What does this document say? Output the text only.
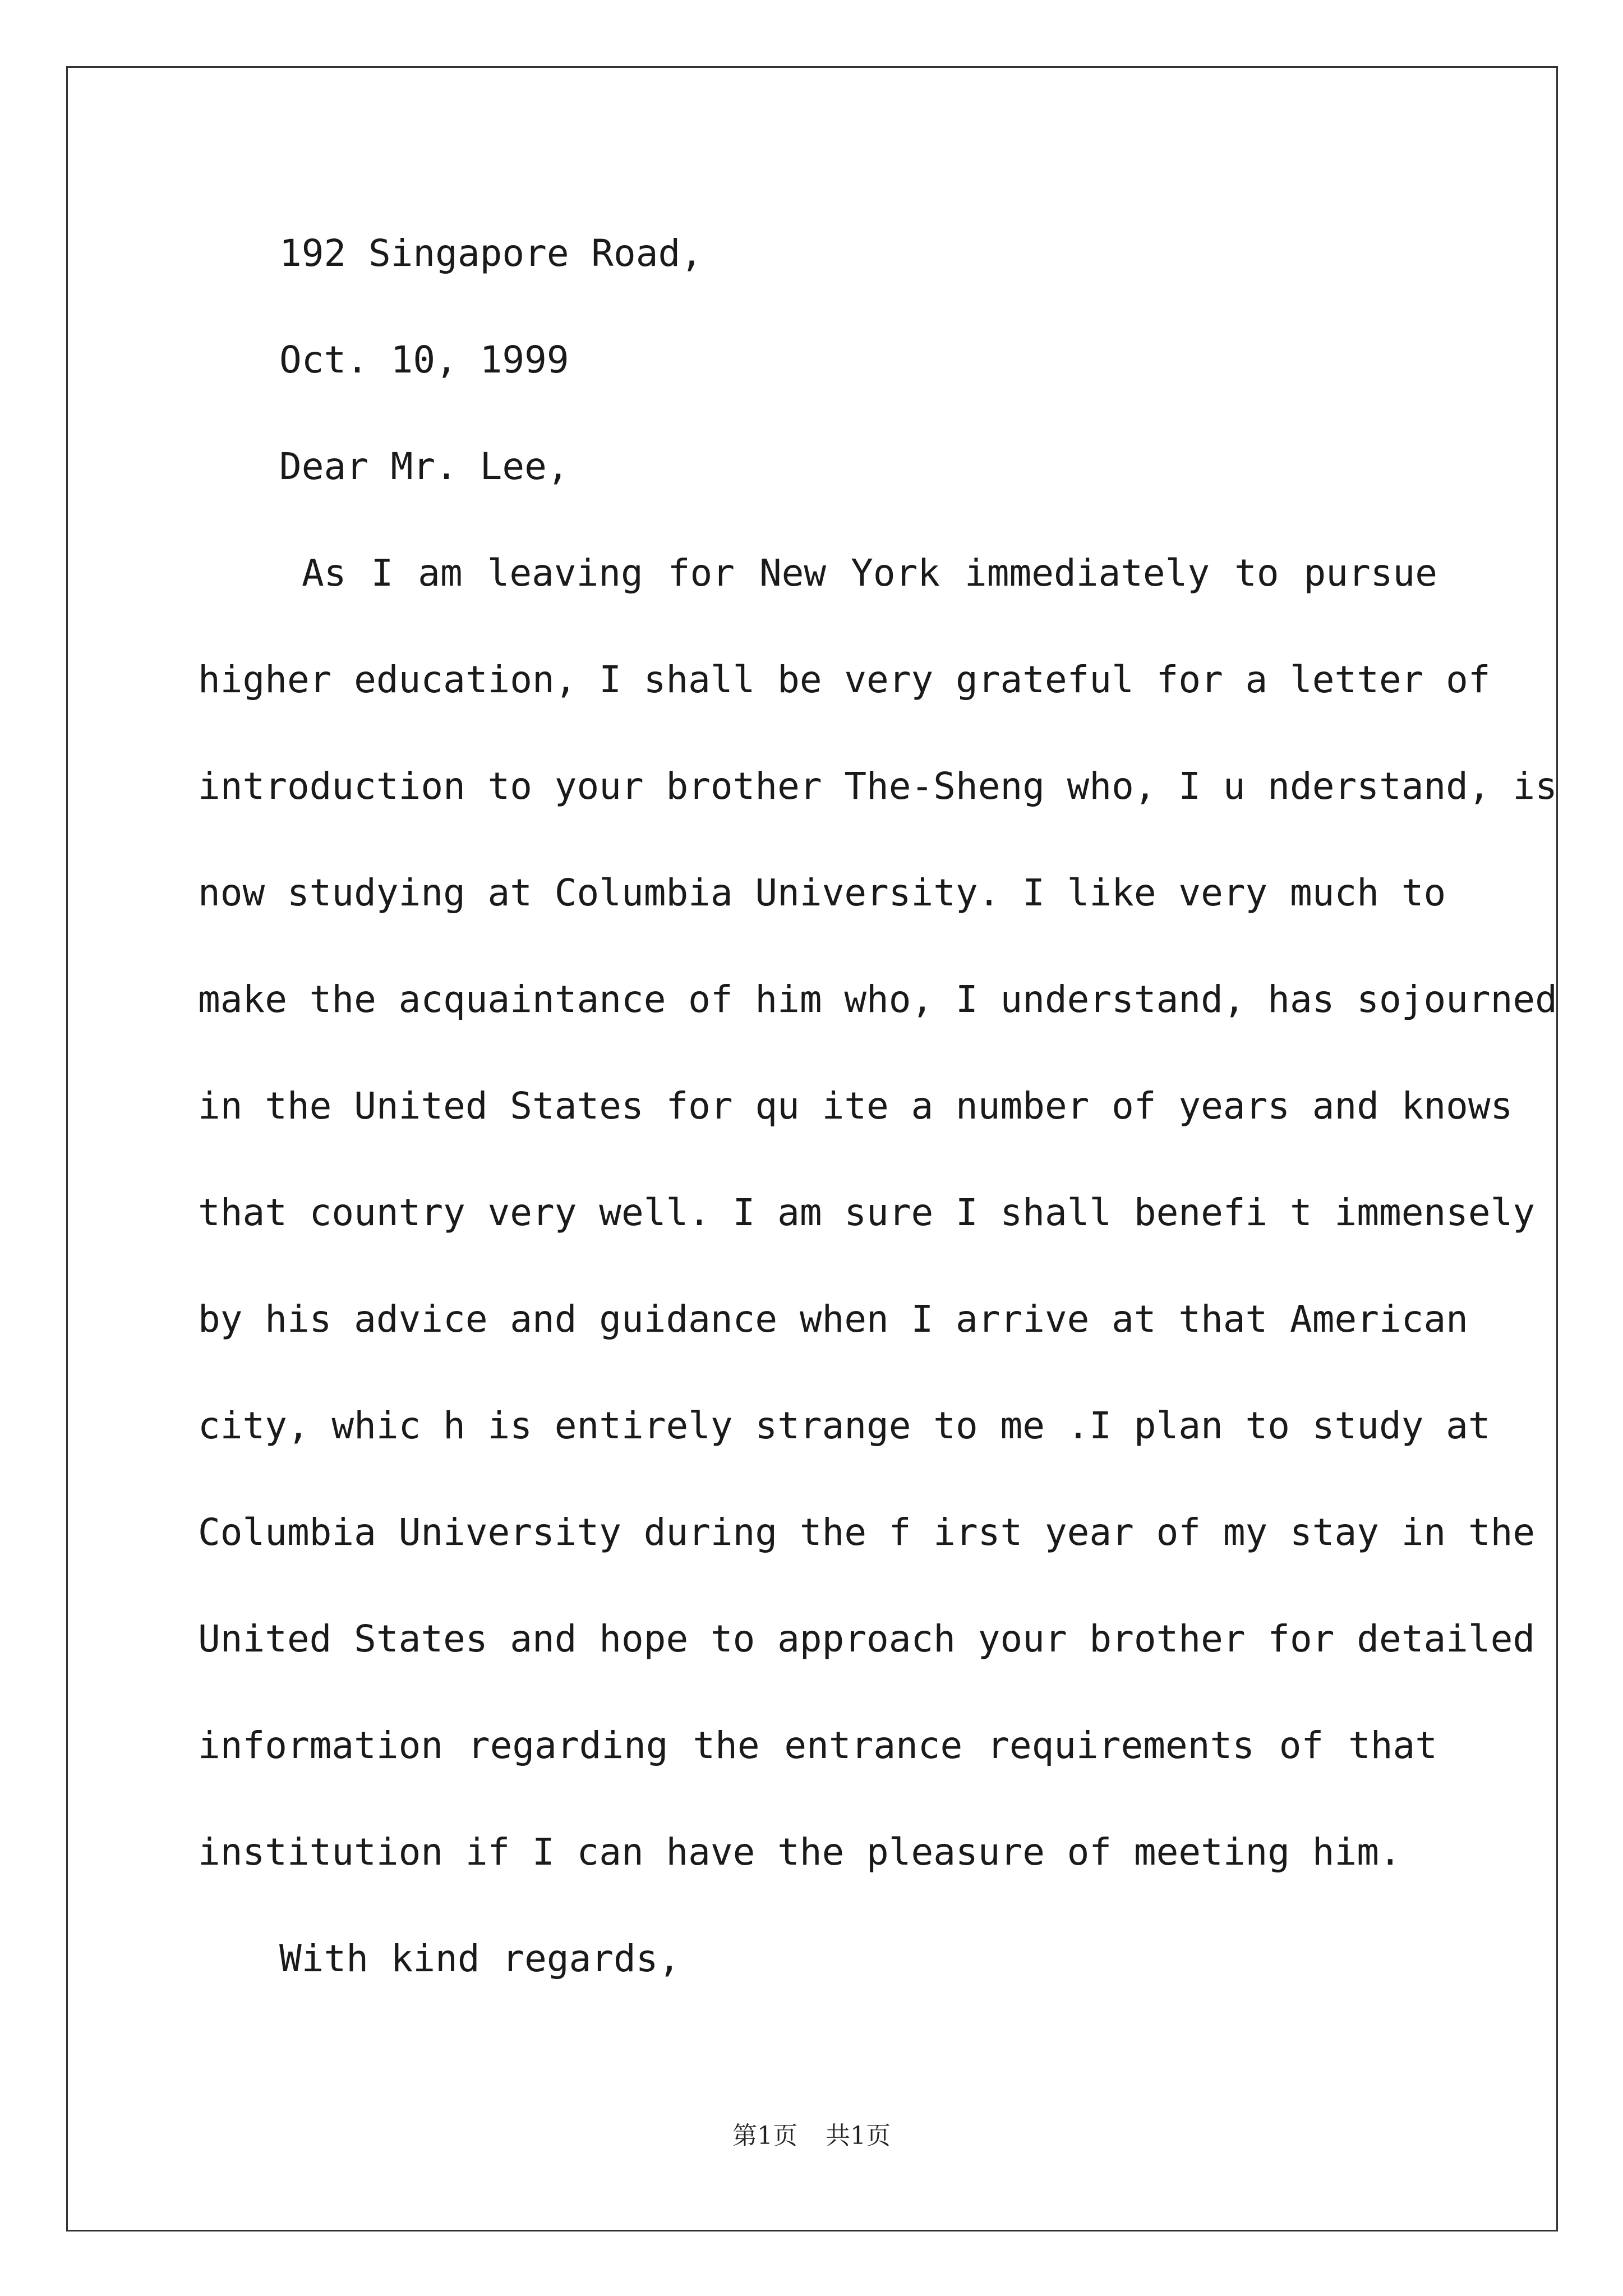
192 Singapore Road,
Oct. 10, 1999
Dear Mr. Lee,
As I am leaving for New York immediately to pursue
higher education, I shall be very grateful for a letter of
introduction to your brother The-Sheng who, I u nderstand, is
now studying at Columbia University. I like very much to
make the acquaintance of him who, I understand, has sojourned
in the United States for qu ite a number of years and knows
that country very well. I am sure I shall benefi t immensely
by his advice and guidance when I arrive at that American
city, whic h is entirely strange to me .I plan to study at
Columbia University during the f irst year of my stay in the
United States and hope to approach your brother for detailed
information regarding the entrance requirements of that
institution if I can have the pleasure of meeting him.
With kind regards,
第1页 共1页
